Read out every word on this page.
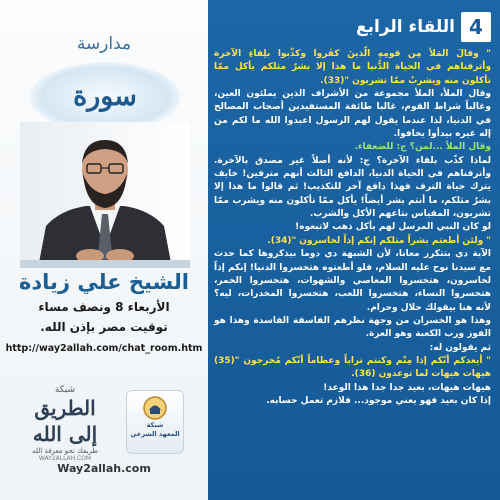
مدارسة
سورة
الشيخ علي زيادة
الأربعاء 8 ونصف مساء
توقيت مصر بإذن الله.
http://way2allah.com/chat_room.htm
شبكة
الطريق إلى الله
طريقك نحو معرفة الله
WAY2ALLAH.COM
شبكة
المعهد الشرعي
Way2allah.com
4
اللقاء الرابع

" وقالَ المَلأ مِن قومِهِ الّذينَ كفَروا وكذّبوا بلِقاءِ الآخرة وأترفناهم في الحياة الدُّنيا ما هذا إلا بشرٌ مثلكم يأكل ممّا تأكلون منه ويشربُ ممّا تشربون "(33).

وقال الملأ، الملأ مجموعة من الأشراف الذين يملئون العين، وغالباً شراط القوم، غالبا طائفة المستفيدين أصحاب المصالح في الدنيا، لذا عندما يقول لهم الرسول اعبدوا الله ما لكم من إله غيره بيدأوا يخافوا.

وقال الملأ ...لمن؟ ج: للضعفاء.

لماذا كذّب بلقاء الآخرة؟ ج: لأنه أصلاً غير مصدق بالآخرة. وأترفناهم في الحياة الدنيا، الدافع الثالث أنهم مترفين! خايف يترك حياة الترف فهذا دافع آخر للتكذيب! ثم قالوا ما هذا إلا بشرٌ مثلكم، ما أنتم بشر أيضاً! يأكل ممّا تأكلون منه ويشرب ممّا تشربون، المقياس بتاعهم الأكل والشرب.

لو كان النبي المرسل لهم يأكل ذهب لاتبعوه!

" ولئن أطعتم بشراً مثلكم إنكم إذاً لخاسرون "(34).

الآية دي بتتكرر معانا، لأن الشبهة دي دوما بيذكروها كما حدث مع سيدنا نوح عليه السلام، فلو أطعتوه هتخسروا الدنيا! إنكم إذاً لخاسرون، هتخسروا المعاصي والشهوات، هتخسروا الخمر، هتخسروا النساء، هتخسروا اللعب، هتخسروا المخدرات، ليه؟ لأنه هنا بيقولك حلال وحرام.

وهذا هو الخسران من وجهة نظرهم الفاسقة الفاسدة وهذا هو الفوز ورب الكعبة وهو العزة.

ثم يقولون له:

" أيعدكم أنّكم إذا مِتّم وكنتم تراباً وعظاماً أنّكم مُخرجون "(35) هيهات هيهات لما توعدون (36).

هيهات هيهات، بعيد جدا جدا هذا الوعد!

إذا كان بعيد فهو يعني موجود... فلازم تعمل حسابه.
